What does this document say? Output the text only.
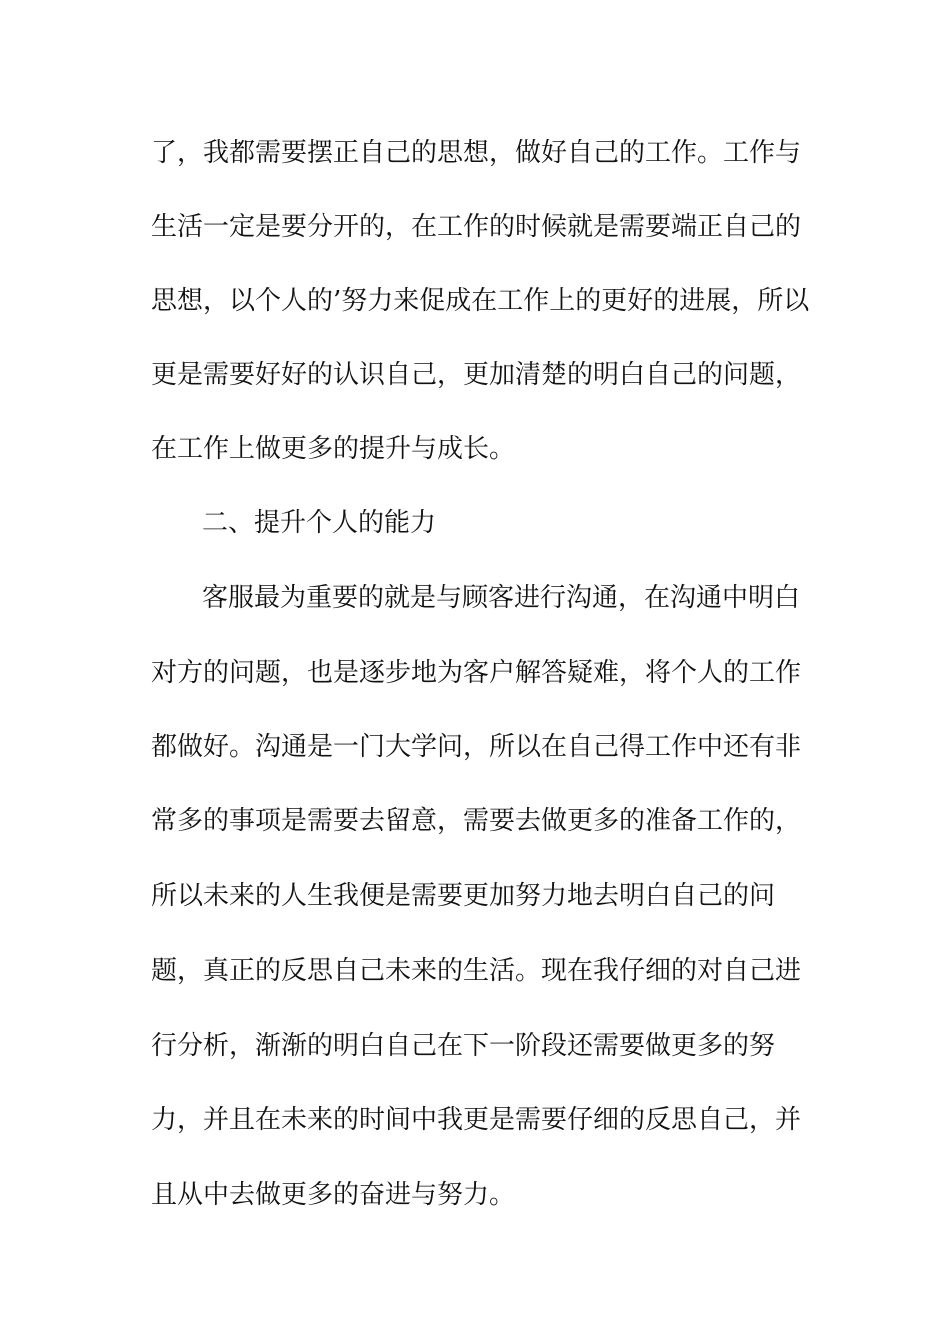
了，我都需要摆正自己的思想，做好自己的工作。工作与
生活一定是要分开的，在工作的时候就是需要端正自己的
思想，以个人的’努力来促成在工作上的更好的进展，所以
更是需要好好的认识自己，更加清楚的明白自己的问题，
在工作上做更多的提升与成长。
二、提升个人的能力
客服最为重要的就是与顾客进行沟通，在沟通中明白
对方的问题，也是逐步地为客户解答疑难，将个人的工作
都做好。沟通是一门大学问，所以在自己得工作中还有非
常多的事项是需要去留意，需要去做更多的准备工作的，
所以未来的人生我便是需要更加努力地去明白自己的问
题，真正的反思自己未来的生活。现在我仔细的对自己进
行分析，渐渐的明白自己在下一阶段还需要做更多的努
力，并且在未来的时间中我更是需要仔细的反思自己，并
且从中去做更多的奋进与努力。
